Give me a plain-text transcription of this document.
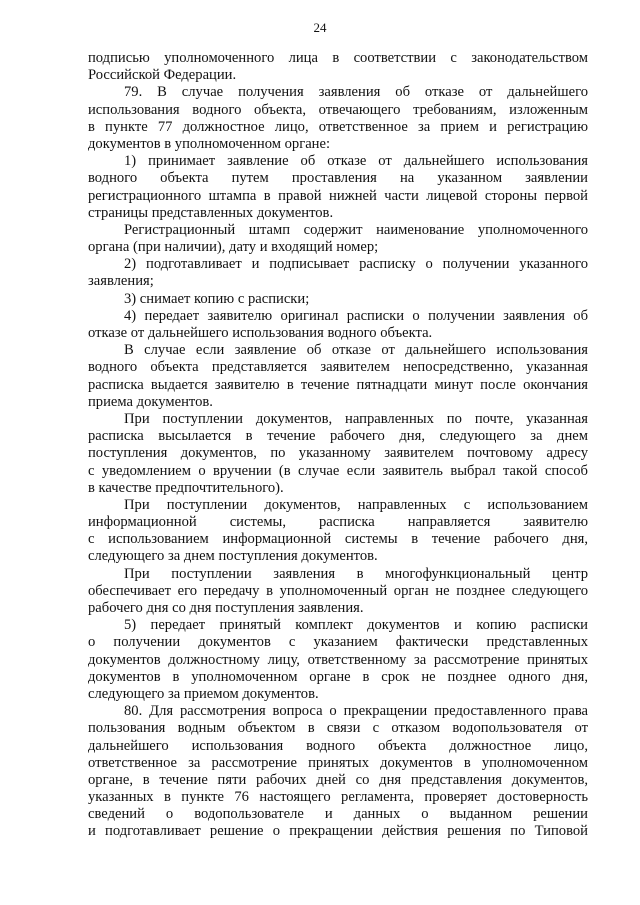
24
подписью уполномоченного лица в соответствии с законодательством
Российской Федерации.
79. В случае получения заявления об отказе от дальнейшего
использования водного объекта, отвечающего требованиям, изложенным
в пункте 77 должностное лицо, ответственное за прием и регистрацию
документов в уполномоченном органе:
1) принимает заявление об отказе от дальнейшего использования
водного объекта путем проставления на указанном заявлении
регистрационного штампа в правой нижней части лицевой стороны первой
страницы представленных документов.
Регистрационный штамп содержит наименование уполномоченного
органа (при наличии), дату и входящий номер;
2) подготавливает и подписывает расписку о получении указанного
заявления;
3) снимает копию с расписки;
4) передает заявителю оригинал расписки о получении заявления об
отказе от дальнейшего использования водного объекта.
В случае если заявление об отказе от дальнейшего использования
водного объекта представляется заявителем непосредственно, указанная
расписка выдается заявителю в течение пятнадцати минут после окончания
приема документов.
При поступлении документов, направленных по почте, указанная
расписка высылается в течение рабочего дня, следующего за днем
поступления документов, по указанному заявителем почтовому адресу
с уведомлением о вручении (в случае если заявитель выбрал такой способ
в качестве предпочтительного).
При поступлении документов, направленных с использованием
информационной системы, расписка направляется заявителю
с использованием информационной системы в течение рабочего дня,
следующего за днем поступления документов.
При поступлении заявления в многофункциональный центр
обеспечивает его передачу в уполномоченный орган не позднее следующего
рабочего дня со дня поступления заявления.
5) передает принятый комплект документов и копию расписки
о получении документов с указанием фактически представленных
документов должностному лицу, ответственному за рассмотрение принятых
документов в уполномоченном органе в срок не позднее одного дня,
следующего за приемом документов.
80. Для рассмотрения вопроса о прекращении предоставленного права
пользования водным объектом в связи с отказом водопользователя от
дальнейшего использования водного объекта должностное лицо,
ответственное за рассмотрение принятых документов в уполномоченном
органе, в течение пяти рабочих дней со дня представления документов,
указанных в пункте 76 настоящего регламента, проверяет достоверность
сведений о водопользователе и данных о выданном решении
и подготавливает решение о прекращении действия решения по Типовой
